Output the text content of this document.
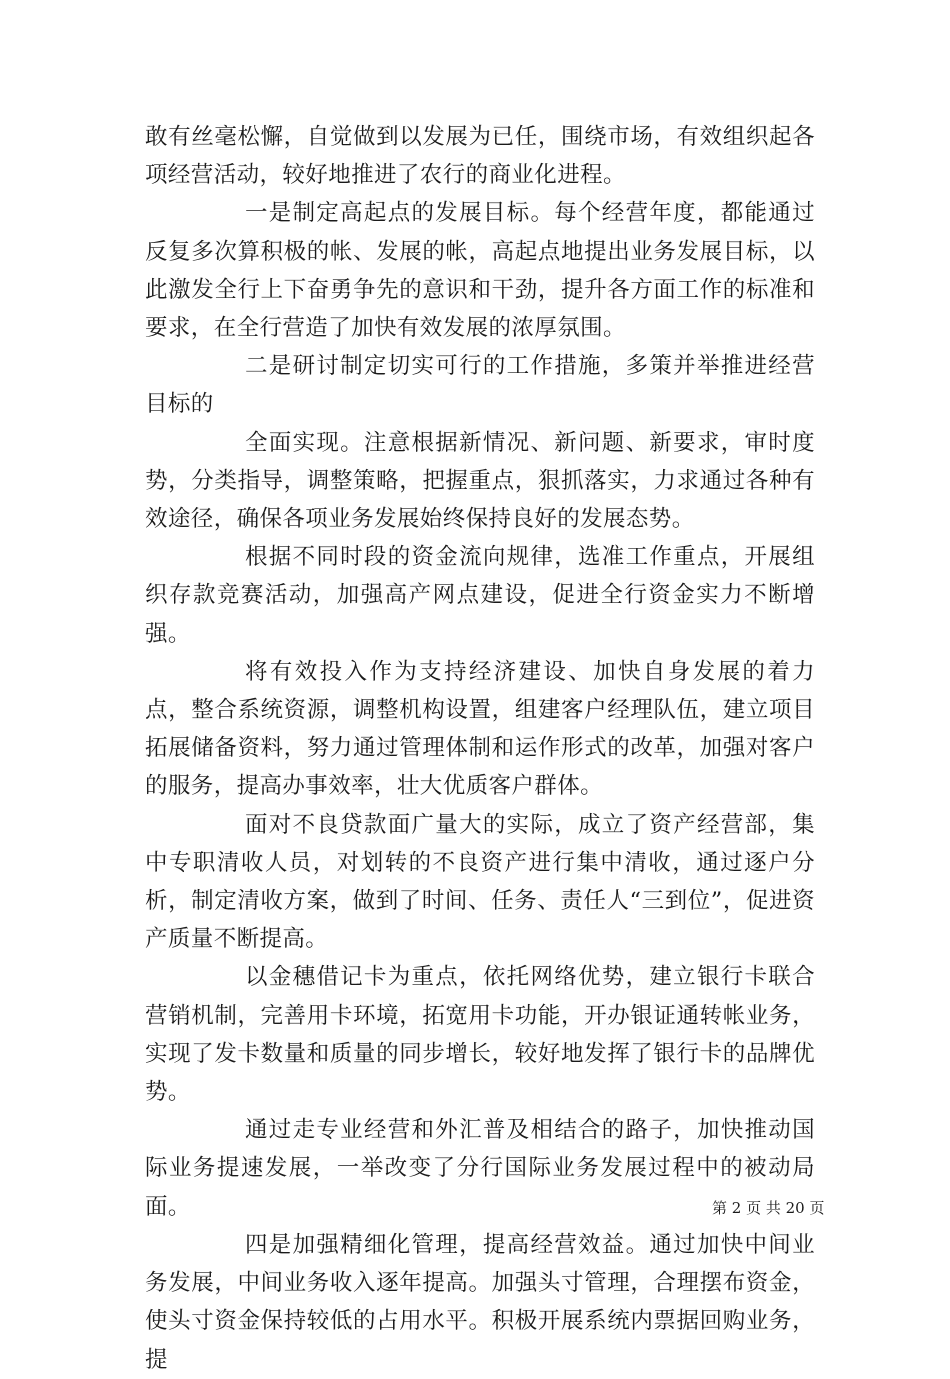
敢有丝毫松懈，自觉做到以发展为已任，围绕市场，有效组织起各项经营活动，较好地推进了农行的商业化进程。

一是制定高起点的发展目标。每个经营年度，都能通过反复多次算积极的帐、发展的帐，高起点地提出业务发展目标，以此激发全行上下奋勇争先的意识和干劲，提升各方面工作的标准和要求，在全行营造了加快有效发展的浓厚氛围。

二是研讨制定切实可行的工作措施，多策并举推进经营目标的

全面实现。注意根据新情况、新问题、新要求，审时度势，分类指导，调整策略，把握重点，狠抓落实，力求通过各种有效途径，确保各项业务发展始终保持良好的发展态势。

根据不同时段的资金流向规律，选准工作重点，开展组织存款竞赛活动，加强高产网点建设，促进全行资金实力不断增强。

将有效投入作为支持经济建设、加快自身发展的着力点，整合系统资源，调整机构设置，组建客户经理队伍，建立项目拓展储备资料，努力通过管理体制和运作形式的改革，加强对客户的服务，提高办事效率，壮大优质客户群体。

面对不良贷款面广量大的实际，成立了资产经营部，集中专职清收人员，对划转的不良资产进行集中清收，通过逐户分析，制定清收方案，做到了时间、任务、责任人“三到位”，促进资产质量不断提高。

以金穗借记卡为重点，依托网络优势，建立银行卡联合营销机制，完善用卡环境，拓宽用卡功能，开办银证通转帐业务，实现了发卡数量和质量的同步增长，较好地发挥了银行卡的品牌优势。

通过走专业经营和外汇普及相结合的路子，加快推动国际业务提速发展，一举改变了分行国际业务发展过程中的被动局面。

四是加强精细化管理，提高经营效益。通过加快中间业务发展，中间业务收入逐年提高。加强头寸管理，合理摆布资金，使头寸资金保持较低的占用水平。积极开展系统内票据回购业务，提

第 2 页 共 20 页
